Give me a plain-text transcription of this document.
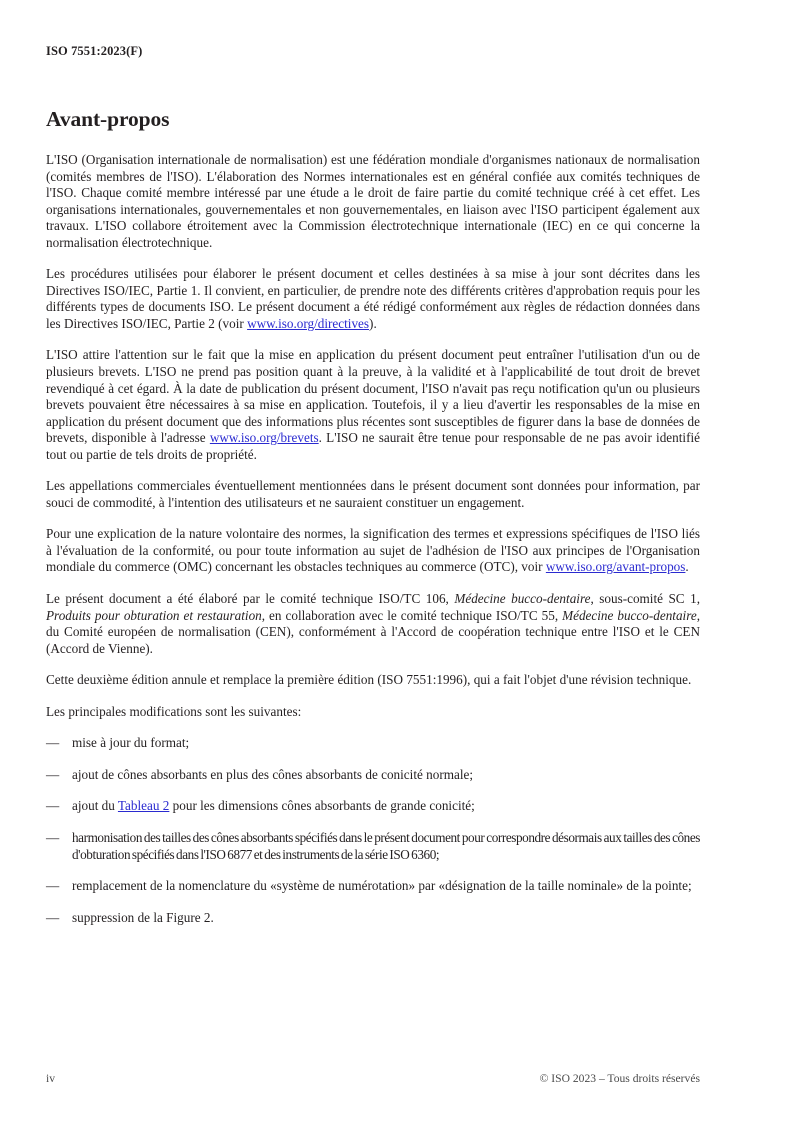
ISO 7551:2023(F)
Avant-propos

L'ISO (Organisation internationale de normalisation) est une fédération mondiale d'organismes nationaux de normalisation (comités membres de l'ISO). L'élaboration des Normes internationales est en général confiée aux comités techniques de l'ISO. Chaque comité membre intéressé par une étude a le droit de faire partie du comité technique créé à cet effet. Les organisations internationales, gouvernementales et non gouvernementales, en liaison avec l'ISO participent également aux travaux. L'ISO collabore étroitement avec la Commission électrotechnique internationale (IEC) en ce qui concerne la normalisation électrotechnique.

Les procédures utilisées pour élaborer le présent document et celles destinées à sa mise à jour sont décrites dans les Directives ISO/IEC, Partie 1. Il convient, en particulier, de prendre note des différents critères d'approbation requis pour les différents types de documents ISO. Le présent document a été rédigé conformément aux règles de rédaction données dans les Directives ISO/IEC, Partie 2 (voir www.iso.org/directives).

L'ISO attire l'attention sur le fait que la mise en application du présent document peut entraîner l'utilisation d'un ou de plusieurs brevets. L'ISO ne prend pas position quant à la preuve, à la validité et à l'applicabilité de tout droit de brevet revendiqué à cet égard. À la date de publication du présent document, l'ISO n'avait pas reçu notification qu'un ou plusieurs brevets pouvaient être nécessaires à sa mise en application. Toutefois, il y a lieu d'avertir les responsables de la mise en application du présent document que des informations plus récentes sont susceptibles de figurer dans la base de données de brevets, disponible à l'adresse www.iso.org/brevets. L'ISO ne saurait être tenue pour responsable de ne pas avoir identifié tout ou partie de tels droits de propriété.

Les appellations commerciales éventuellement mentionnées dans le présent document sont données pour information, par souci de commodité, à l'intention des utilisateurs et ne sauraient constituer un engagement.

Pour une explication de la nature volontaire des normes, la signification des termes et expressions spécifiques de l'ISO liés à l'évaluation de la conformité, ou pour toute information au sujet de l'adhésion de l'ISO aux principes de l'Organisation mondiale du commerce (OMC) concernant les obstacles techniques au commerce (OTC), voir www.iso.org/avant-propos.

Le présent document a été élaboré par le comité technique ISO/TC 106, Médecine bucco-dentaire, sous-comité SC 1, Produits pour obturation et restauration, en collaboration avec le comité technique ISO/TC 55, Médecine bucco-dentaire, du Comité européen de normalisation (CEN), conformément à l'Accord de coopération technique entre l'ISO et le CEN (Accord de Vienne).

Cette deuxième édition annule et remplace la première édition (ISO 7551:1996), qui a fait l'objet d'une révision technique.

Les principales modifications sont les suivantes:

— mise à jour du format;
— ajout de cônes absorbants en plus des cônes absorbants de conicité normale;
— ajout du Tableau 2 pour les dimensions cônes absorbants de grande conicité;
— harmonisation des tailles des cônes absorbants spécifiés dans le présent document pour correspondre désormais aux tailles des cônes d'obturation spécifiés dans l'ISO 6877 et des instruments de la série ISO 6360;
— remplacement de la nomenclature du «système de numérotation» par «désignation de la taille nominale» de la pointe;
— suppression de la Figure 2.
iv	© ISO 2023 – Tous droits réservés
